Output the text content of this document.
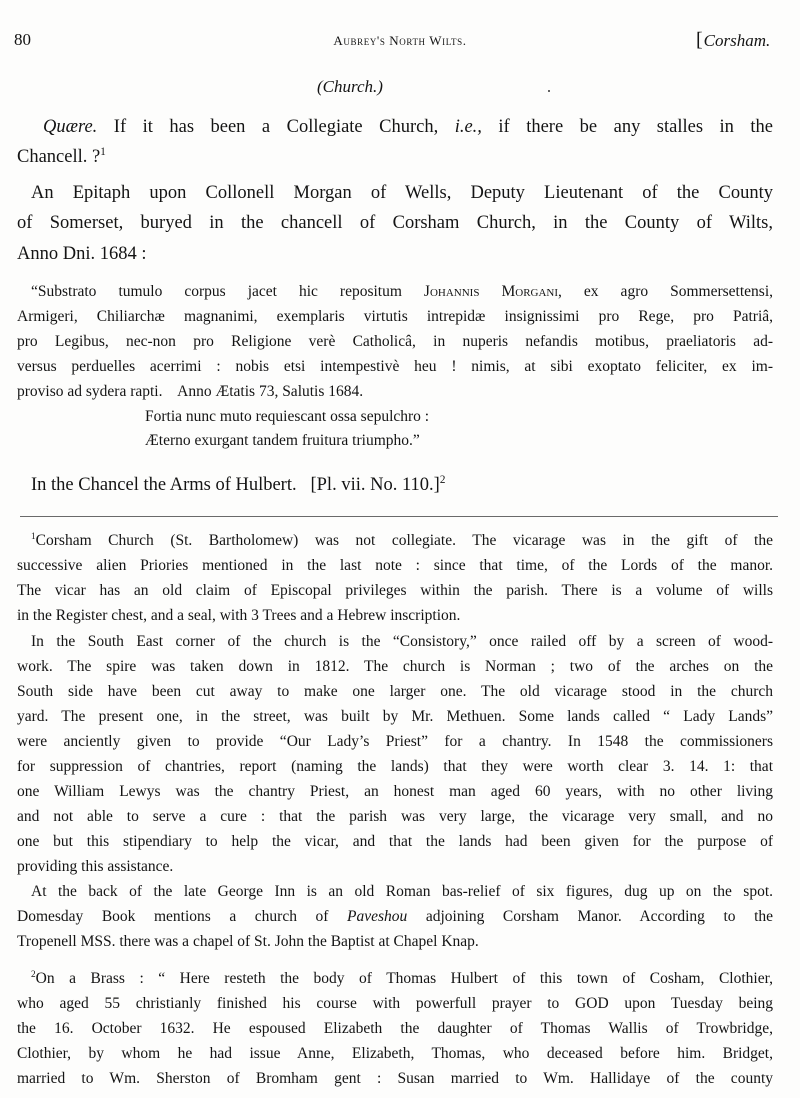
80	Aubrey's North Wilts.	[Corsham.
(Church.)
Quære. If it has been a Collegiate Church, i.e., if there be any stalles in the
Chancell. ?$^1$
An Epitaph upon Collonell Morgan of Wells, Deputy Lieutenant of the County
of Somerset, buryed in the chancell of Corsham Church, in the County of Wilts,
Anno Dni. 1684 :
“Substrato tumulo corpus jacet hic repositum Johannis Morgani, ex agro Sommersettensi,
Armigeri, Chiliarchæ magnanimi, exemplaris virtutis intrepidæ insignissimi pro Rege, pro Patriâ,
pro Legibus, nec-non pro Religione verè Catholicâ, in nuperis nefandis motibus, praeliatoris ad-
versus perduelles acerrimi : nobis etsi intempestivè heu ! nimis, at sibi exoptato feliciter, ex im-
proviso ad sydera rapti.    Anno Ætatis 73, Salutis 1684.
Fortia nunc muto requiescant ossa sepulchro :
Æterno exurgant tandem fruitura triumpho.”
In the Chancel the Arms of Hulbert.   [Pl. vii. No. 110.]$^2$
$^1$Corsham Church (St. Bartholomew) was not collegiate. The vicarage was in the gift of the
successive alien Priories mentioned in the last note : since that time, of the Lords of the manor.
The vicar has an old claim of Episcopal privileges within the parish. There is a volume of wills
in the Register chest, and a seal, with 3 Trees and a Hebrew inscription.
In the South East corner of the church is the “Consistory,” once railed off by a screen of wood-
work. The spire was taken down in 1812. The church is Norman ; two of the arches on the
South side have been cut away to make one larger one. The old vicarage stood in the church
yard. The present one, in the street, was built by Mr. Methuen. Some lands called “ Lady Lands”
were anciently given to provide “Our Lady’s Priest” for a chantry. In 1548 the commissioners
for suppression of chantries, report (naming the lands) that they were worth clear 3. 14. 1: that
one William Lewys was the chantry Priest, an honest man aged 60 years, with no other living
and not able to serve a cure : that the parish was very large, the vicarage very small, and no
one but this stipendiary to help the vicar, and that the lands had been given for the purpose of
providing this assistance.
At the back of the late George Inn is an old Roman bas-relief of six figures, dug up on the spot.
Domesday Book mentions a church of Paveshou adjoining Corsham Manor. According to the
Tropenell MSS. there was a chapel of St. John the Baptist at Chapel Knap.
$^2$On a Brass : “ Here resteth the body of Thomas Hulbert of this town of Cosham, Clothier,
who aged 55 christianly finished his course with powerfull prayer to GOD upon Tuesday being
the 16. October 1632. He espoused Elizabeth the daughter of Thomas Wallis of Trowbridge,
Clothier, by whom he had issue Anne, Elizabeth, Thomas, who deceased before him. Bridget,
married to Wm. Sherston of Bromham gent : Susan married to Wm. Hallidaye of the county
